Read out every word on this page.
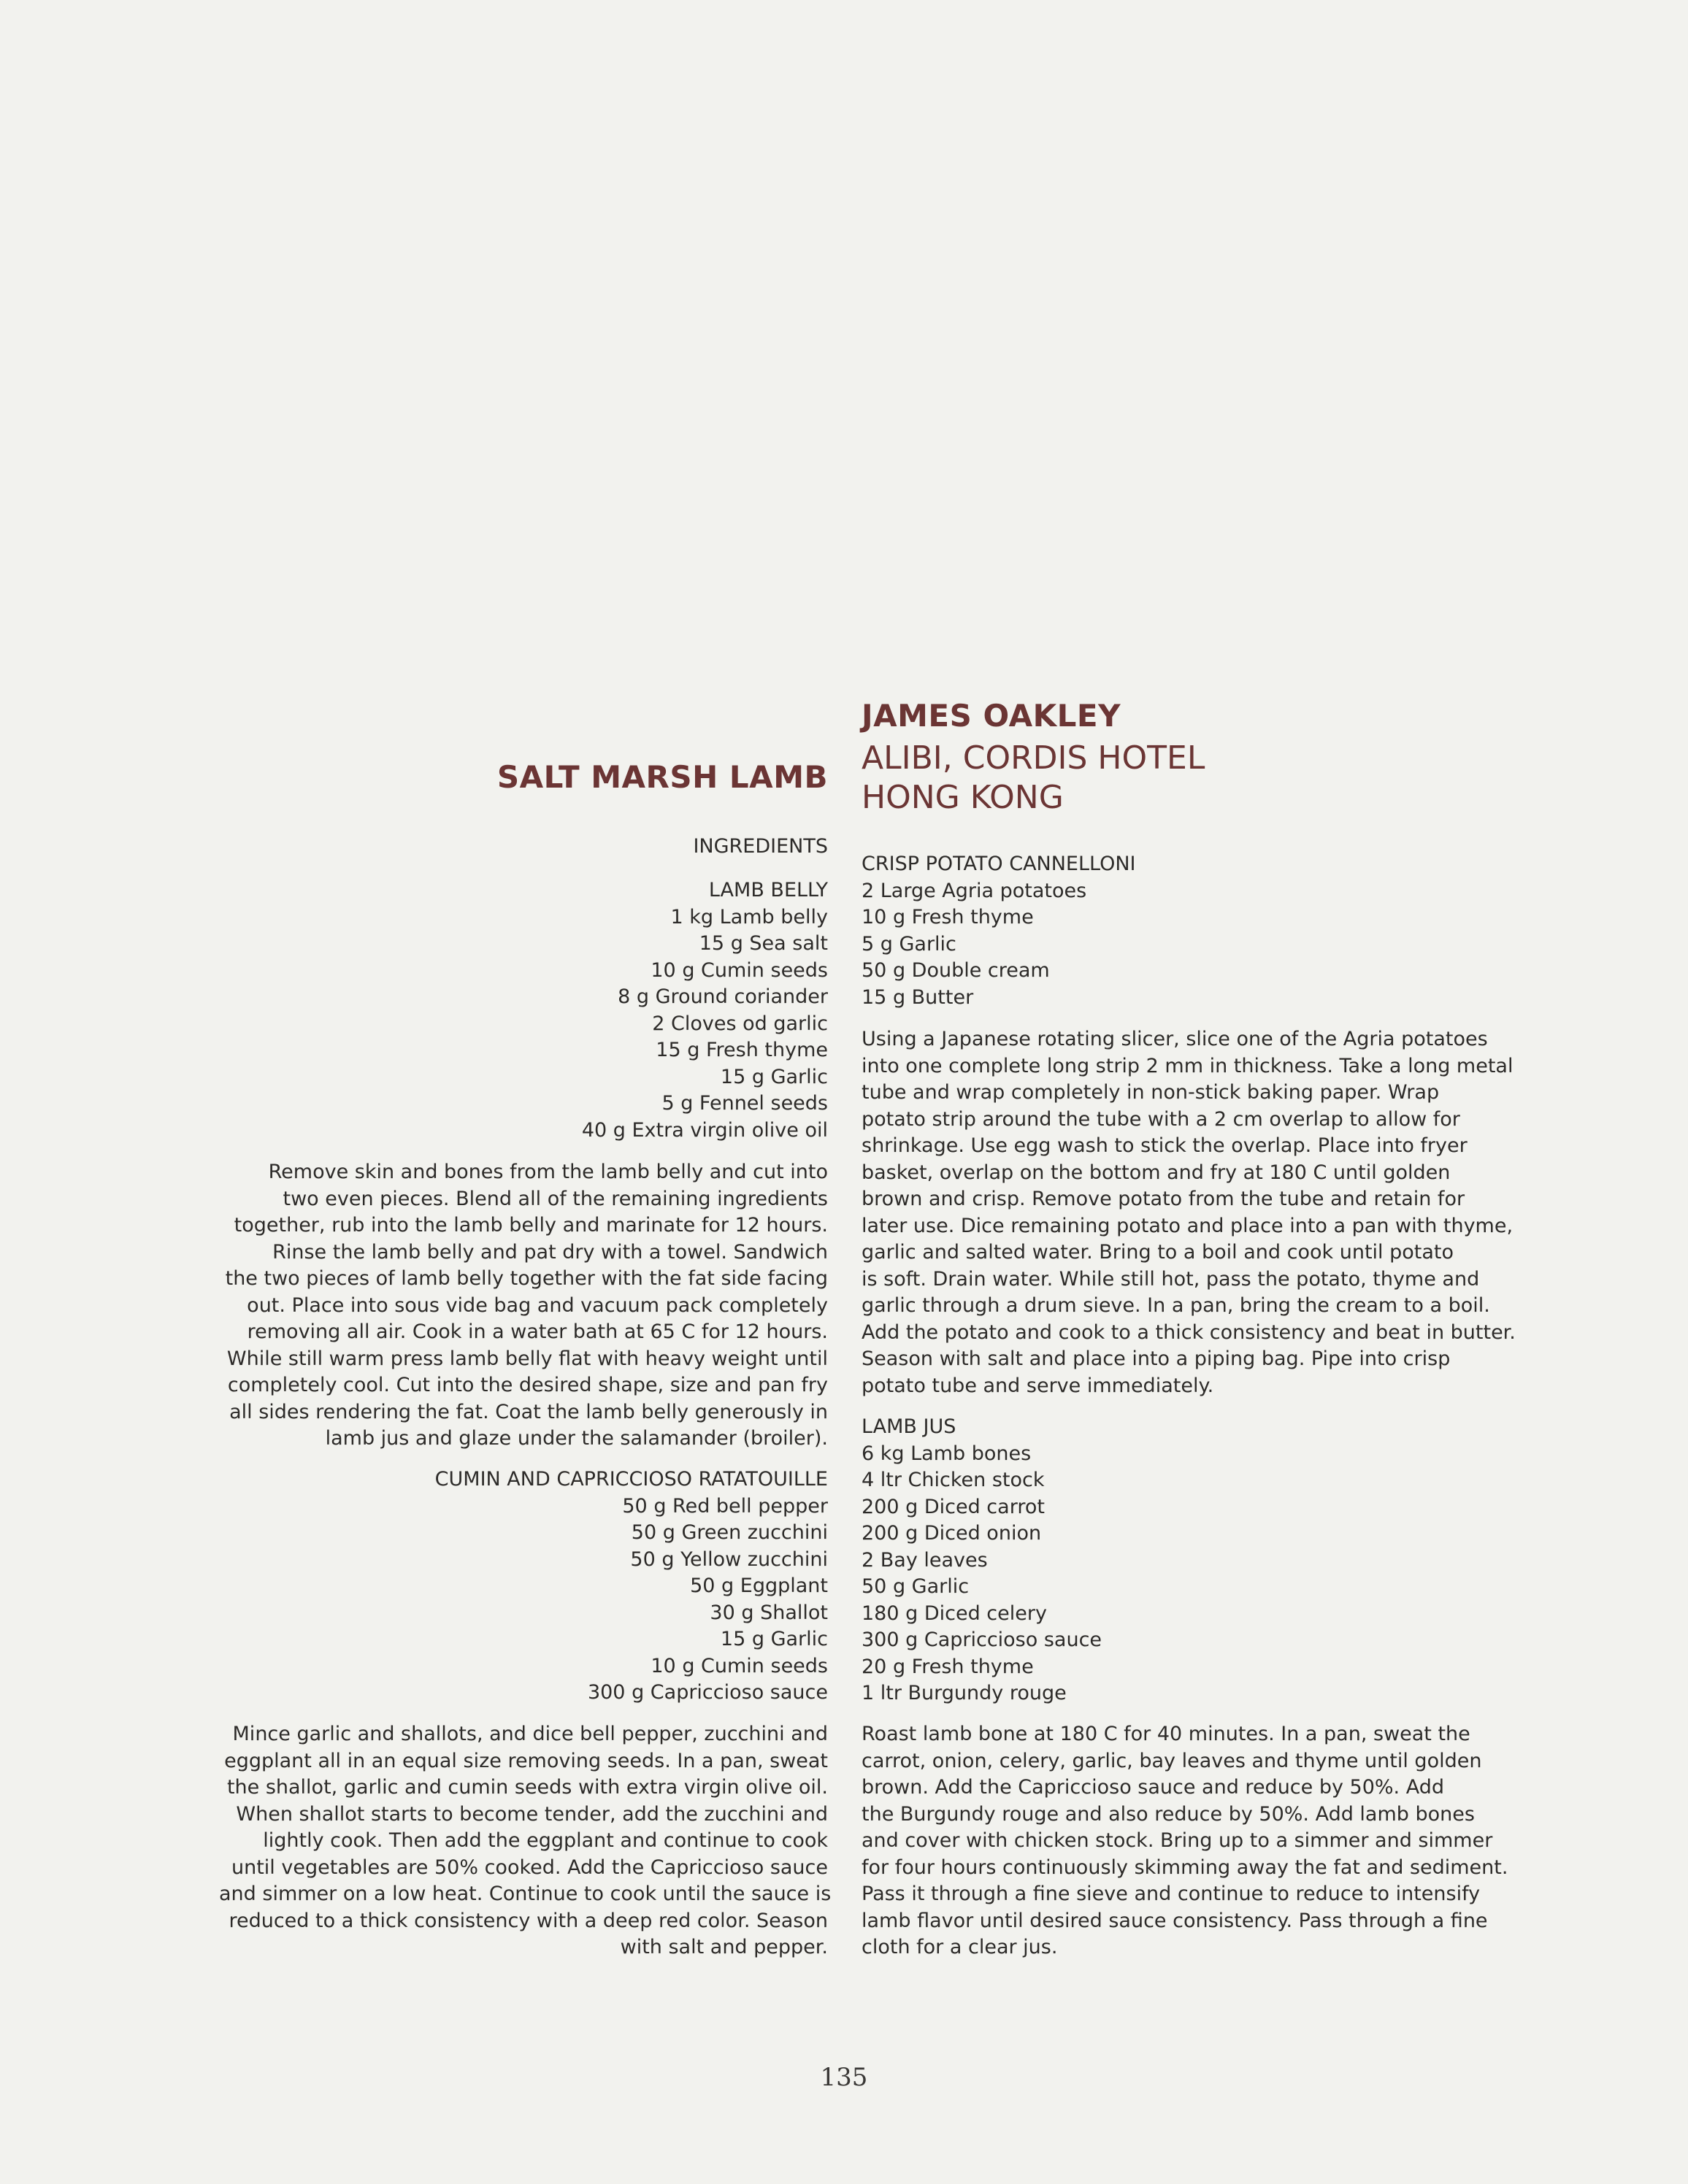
SALT MARSH LAMB
INGREDIENTS
LAMB BELLY
1 kg Lamb belly
15 g Sea salt
10 g Cumin seeds
8 g Ground coriander
2 Cloves od garlic
15 g Fresh thyme
15 g Garlic
5 g Fennel seeds
40 g Extra virgin olive oil
Remove skin and bones from the lamb belly and cut into
two even pieces. Blend all of the remaining ingredients
together, rub into the lamb belly and marinate for 12 hours.
Rinse the lamb belly and pat dry with a towel. Sandwich
the two pieces of lamb belly together with the fat side facing
out. Place into sous vide bag and vacuum pack completely
removing all air. Cook in a water bath at 65 C for 12 hours.
While still warm press lamb belly flat with heavy weight until
completely cool. Cut into the desired shape, size and pan fry
all sides rendering the fat. Coat the lamb belly generously in
lamb jus and glaze under the salamander (broiler).
CUMIN AND CAPRICCIOSO RATATOUILLE
50 g Red bell pepper
50 g Green zucchini
50 g Yellow zucchini
50 g Eggplant
30 g Shallot
15 g Garlic
10 g Cumin seeds
300 g Capriccioso sauce
Mince garlic and shallots, and dice bell pepper, zucchini and
eggplant all in an equal size removing seeds. In a pan, sweat
the shallot, garlic and cumin seeds with extra virgin olive oil.
When shallot starts to become tender, add the zucchini and
lightly cook. Then add the eggplant and continue to cook
until vegetables are 50% cooked. Add the Capriccioso sauce
and simmer on a low heat. Continue to cook until the sauce is
reduced to a thick consistency with a deep red color. Season
with salt and pepper.
JAMES OAKLEY
ALIBI, CORDIS HOTEL
HONG KONG
CRISP POTATO CANNELLONI
2 Large Agria potatoes
10 g Fresh thyme
5 g Garlic
50 g Double cream
15 g Butter
Using a Japanese rotating slicer, slice one of the Agria potatoes
into one complete long strip 2 mm in thickness. Take a long metal
tube and wrap completely in non-stick baking paper. Wrap
potato strip around the tube with a 2 cm overlap to allow for
shrinkage. Use egg wash to stick the overlap. Place into fryer
basket, overlap on the bottom and fry at 180 C until golden
brown and crisp. Remove potato from the tube and retain for
later use. Dice remaining potato and place into a pan with thyme,
garlic and salted water. Bring to a boil and cook until potato
is soft. Drain water. While still hot, pass the potato, thyme and
garlic through a drum sieve. In a pan, bring the cream to a boil.
Add the potato and cook to a thick consistency and beat in butter.
Season with salt and place into a piping bag. Pipe into crisp
potato tube and serve immediately.
LAMB JUS
6 kg Lamb bones
4 ltr Chicken stock
200 g Diced carrot
200 g Diced onion
2 Bay leaves
50 g Garlic
180 g Diced celery
300 g Capriccioso sauce
20 g Fresh thyme
1 ltr Burgundy rouge
Roast lamb bone at 180 C for 40 minutes. In a pan, sweat the
carrot, onion, celery, garlic, bay leaves and thyme until golden
brown. Add the Capriccioso sauce and reduce by 50%. Add
the Burgundy rouge and also reduce by 50%. Add lamb bones
and cover with chicken stock. Bring up to a simmer and simmer
for four hours continuously skimming away the fat and sediment.
Pass it through a fine sieve and continue to reduce to intensify
lamb flavor until desired sauce consistency. Pass through a fine
cloth for a clear jus.
135
